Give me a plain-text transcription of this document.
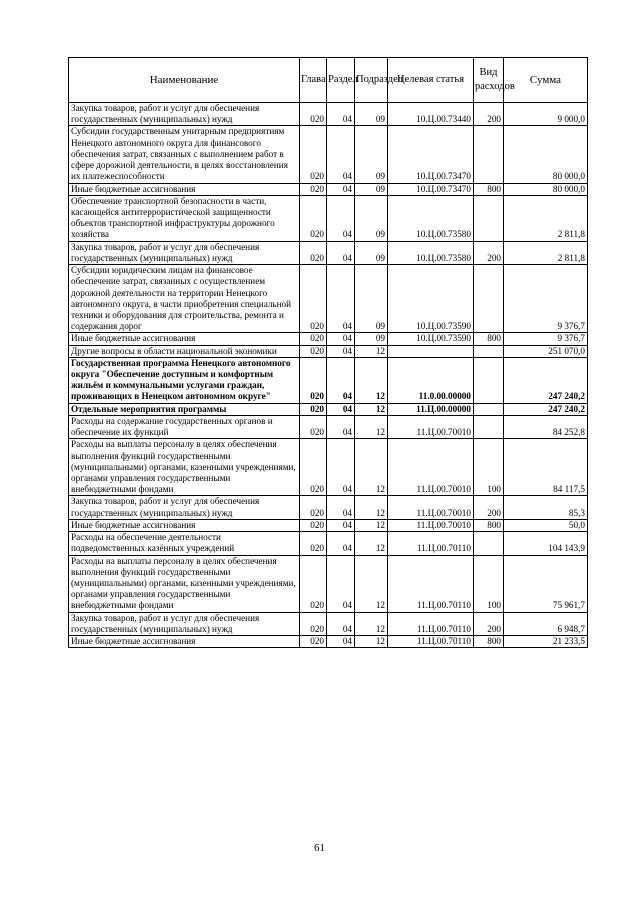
Наименование	Глава	Раздел	Подраздел	Целевая статья	Вид расходов	Сумма
Закупка товаров, работ и услуг для обеспечения государственных (муниципальных) нужд	020	04	09	10.Ц.00.73440	200	9 000,0
Субсидии государственным унитарным предприятиям Ненецкого автономного округа для финансового обеспечения затрат, связанных с выполнением работ в сфере дорожной деятельности, в целях восстановления их платежеспособности	020	04	09	10.Ц.00.73470		80 000,0
Иные бюджетные ассигнования	020	04	09	10.Ц.00.73470	800	80 000,0
Обеспечение транспортной безопасности в части, касающейся антитеррористической защищенности объектов транспортной инфраструктуры дорожного хозяйства	020	04	09	10.Ц.00.73580		2 811,8
Закупка товаров, работ и услуг для обеспечения государственных (муниципальных) нужд	020	04	09	10.Ц.00.73580	200	2 811,8
Субсидии юридическим лицам на финансовое обеспечение затрат, связанных с осуществлением дорожной деятельности на территории Ненецкого автономного округа, в части приобретения специальной техники и оборудования для строительства, ремонта и содержания дорог	020	04	09	10.Ц.00.73590		9 376,7
Иные бюджетные ассигнования	020	04	09	10.Ц.00.73590	800	9 376,7
Другие вопросы в области национальной экономики	020	04	12			251 070,0
Государственная программа Ненецкого автономного округа "Обеспечение доступным и комфортным жильём и коммунальными услугами граждан, проживающих в Ненецком автономном округе"	020	04	12	11.0.00.00000		247 240,2
Отдельные мероприятия программы	020	04	12	11.Ц.00.00000		247 240,2
Расходы на содержание государственных органов и обеспечение их функций	020	04	12	11.Ц.00.70010		84 252,8
Расходы на выплаты персоналу в целях обеспечения выполнения функций государственными (муниципальными) органами, казенными учреждениями, органами управления государственными внебюджетными фондами	020	04	12	11.Ц.00.70010	100	84 117,5
Закупка товаров, работ и услуг для обеспечения государственных (муниципальных) нужд	020	04	12	11.Ц.00.70010	200	85,3
Иные бюджетные ассигнования	020	04	12	11.Ц.00.70010	800	50,0
Расходы на обеспечение деятельности подведомственных казённых учреждений	020	04	12	11.Ц.00.70110		104 143,9
Расходы на выплаты персоналу в целях обеспечения выполнения функций государственными (муниципальными) органами, казенными учреждениями, органами управления государственными внебюджетными фондами	020	04	12	11.Ц.00.70110	100	75 961,7
Закупка товаров, работ и услуг для обеспечения государственных (муниципальных) нужд	020	04	12	11.Ц.00.70110	200	6 948,7
Иные бюджетные ассигнования	020	04	12	11.Ц.00.70110	800	21 233,5
61
